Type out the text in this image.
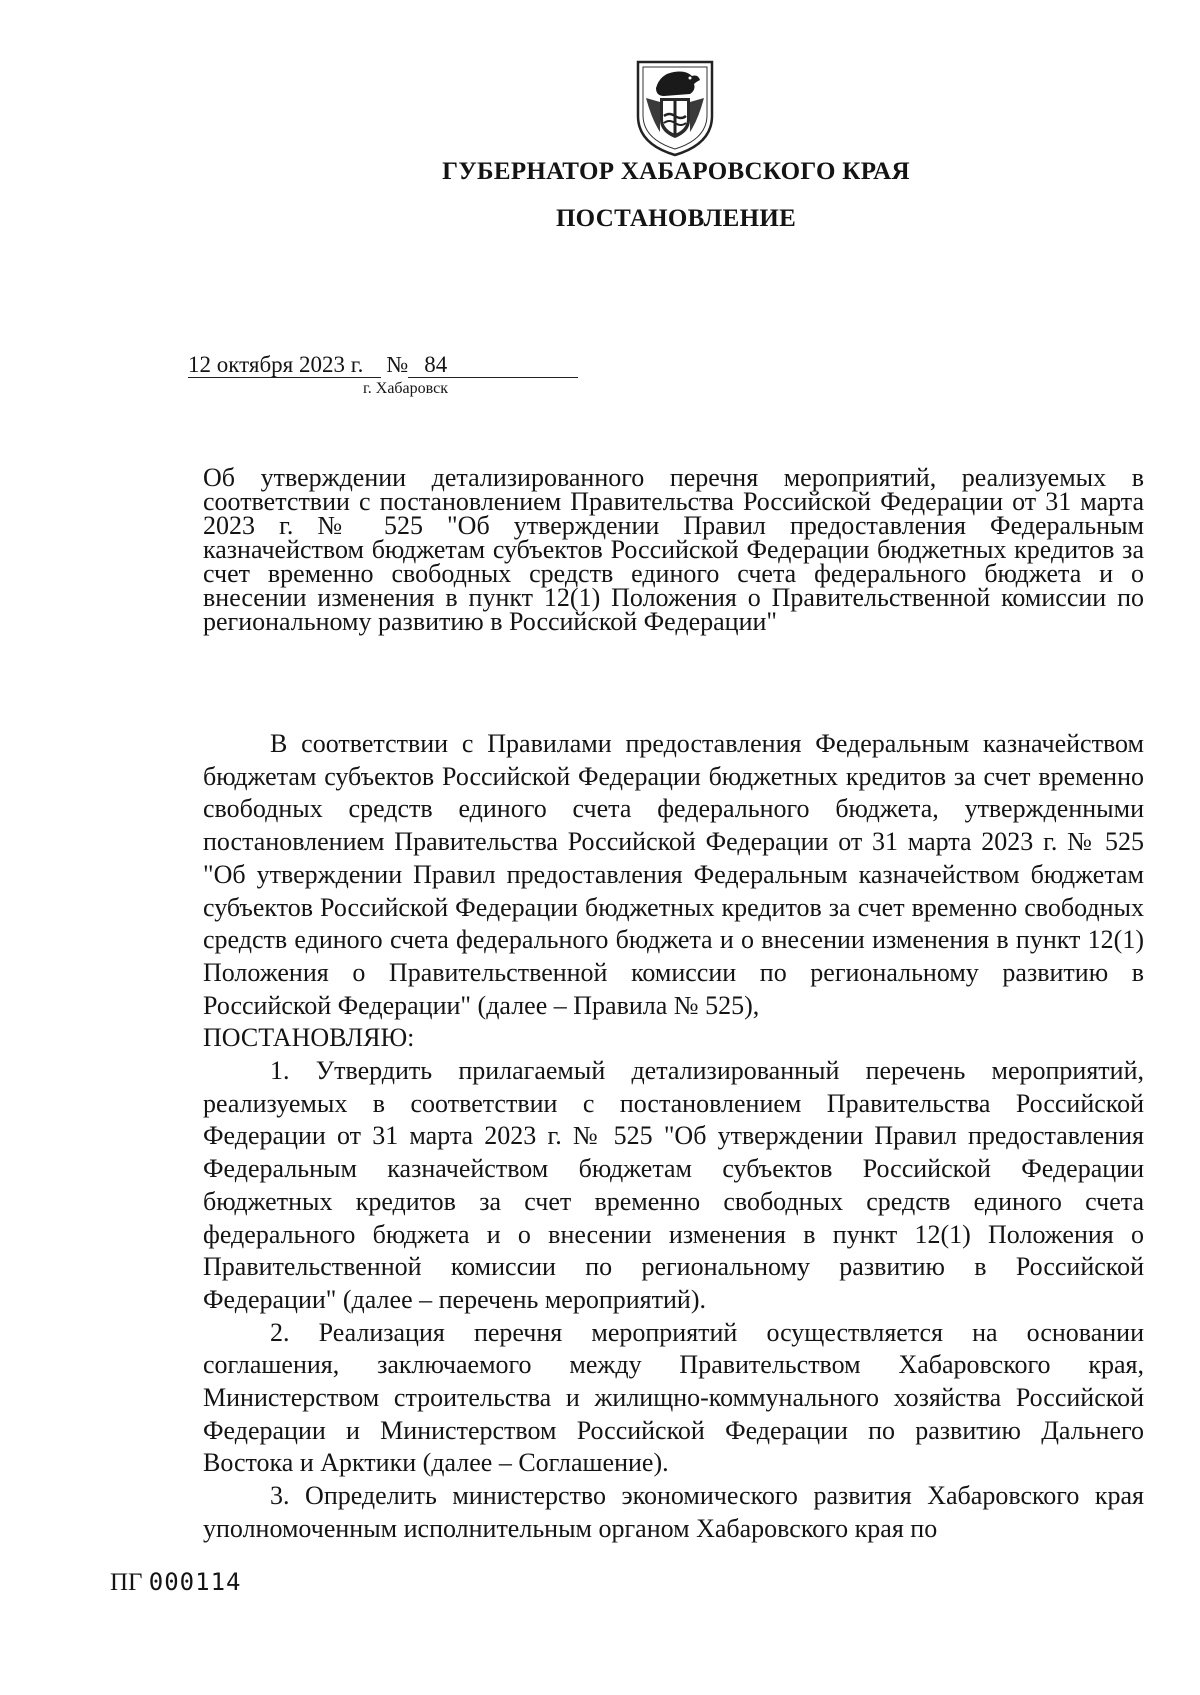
ГУБЕРНАТОР ХАБАРОВСКОГО КРАЯ
ПОСТАНОВЛЕНИЕ
12 октября 2023 г. № 84
г. Хабаровск
Об утверждении детализированного перечня мероприятий, реализуемых в соответствии с постановлением Правительства Российской Федерации от 31 марта 2023 г. № 525 "Об утверждении Правил предоставления Федеральным казначейством бюджетам субъектов Российской Федерации бюджетных кредитов за счет временно свободных средств единого счета федерального бюджета и о внесении изменения в пункт 12(1) Положения о Правительственной комиссии по региональному развитию в Российской Федерации"

В соответствии с Правилами предоставления Федеральным казначейством бюджетам субъектов Российской Федерации бюджетных кредитов за счет временно свободных средств единого счета федерального бюджета, утвержденными постановлением Правительства Российской Федерации от 31 марта 2023 г. № 525 "Об утверждении Правил предоставления Федеральным казначейством бюджетам субъектов Российской Федерации бюджетных кредитов за счет временно свободных средств единого счета федерального бюджета и о внесении изменения в пункт 12(1) Положения о Правительственной комиссии по региональному развитию в Российской Федерации" (далее – Правила № 525),

ПОСТАНОВЛЯЮ:

1. Утвердить прилагаемый детализированный перечень мероприятий, реализуемых в соответствии с постановлением Правительства Российской Федерации от 31 марта 2023 г. № 525 "Об утверждении Правил предоставления Федеральным казначейством бюджетам субъектов Российской Федерации бюджетных кредитов за счет временно свободных средств единого счета федерального бюджета и о внесении изменения в пункт 12(1) Положения о Правительственной комиссии по региональному развитию в Российской Федерации" (далее – перечень мероприятий).

2. Реализация перечня мероприятий осуществляется на основании соглашения, заключаемого между Правительством Хабаровского края, Министерством строительства и жилищно-коммунального хозяйства Российской Федерации и Министерством Российской Федерации по развитию Дальнего Востока и Арктики (далее – Соглашение).

3. Определить министерство экономического развития Хабаровского края уполномоченным исполнительным органом Хабаровского края по

ПГ 000114
